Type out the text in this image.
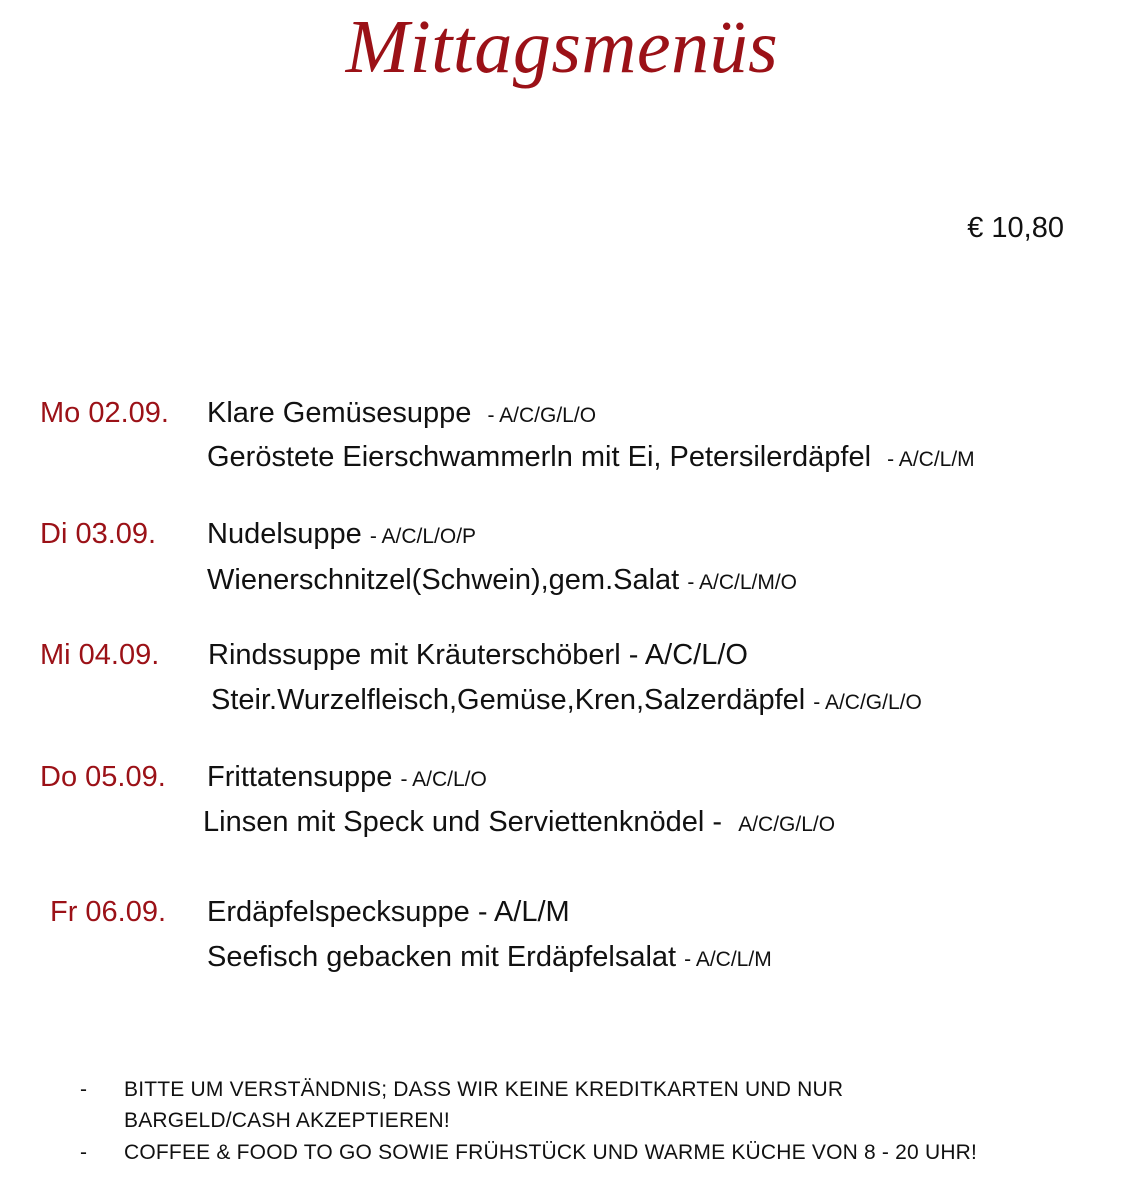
Mittagsmenüs
€ 10,80
Mo 02.09. Klare Gemüsesuppe - A/C/G/L/O
Geröstete Eierschwammerln mit Ei, Petersilerdäpfel - A/C/L/M
Di 03.09. Nudelsuppe - A/C/L/O/P
Wienerschnitzel(Schwein),gem.Salat - A/C/L/M/O
Mi 04.09. Rindssuppe mit Kräuterschöberl - A/C/L/O
Steir.Wurzelfleisch,Gemüse,Kren,Salzerdäpfel - A/C/G/L/O
Do 05.09. Frittatensuppe - A/C/L/O
Linsen mit Speck und Serviettenknödel - A/C/G/L/O
Fr 06.09. Erdäpfelspecksuppe - A/L/M
Seefisch gebacken mit Erdäpfelsalat - A/C/L/M
- BITTE UM VERSTÄNDNIS; DASS WIR KEINE KREDITKARTEN UND NUR
BARGELD/CASH AKZEPTIEREN!
- COFFEE & FOOD TO GO SOWIE FRÜHSTÜCK UND WARME KÜCHE VON 8 - 20 UHR!
